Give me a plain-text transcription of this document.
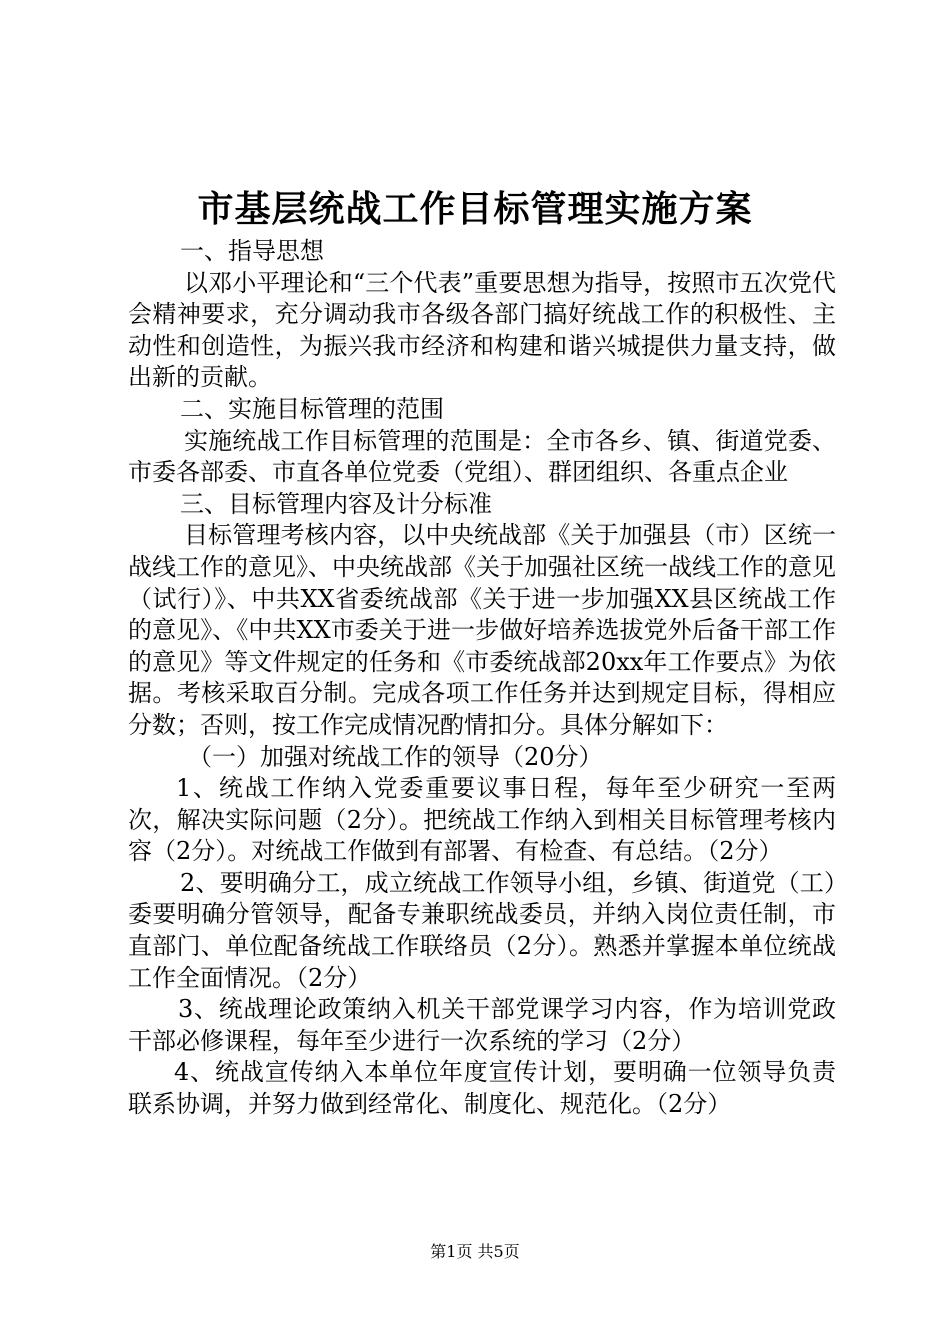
市基层统战工作目标管理实施方案

一、指导思想

以邓小平理论和“三个代表”重要思想为指导，按照市五次党代会精神要求，充分调动我市各级各部门搞好统战工作的积极性、主动性和创造性，为振兴我市经济和构建和谐兴城提供力量支持，做出新的贡献。

二、实施目标管理的范围

实施统战工作目标管理的范围是：全市各乡、镇、街道党委、市委各部委、市直各单位党委（党组）、群团组织、各重点企业

三、目标管理内容及计分标准

目标管理考核内容，以中央统战部《关于加强县（市）区统一战线工作的意见》、中央统战部《关于加强社区统一战线工作的意见（试行）》、中共XX省委统战部《关于进一步加强XX县区统战工作的意见》、《中共XX市委关于进一步做好培养选拔党外后备干部工作的意见》等文件规定的任务和《市委统战部20xx年工作要点》为依据。考核采取百分制。完成各项工作任务并达到规定目标，得相应分数；否则，按工作完成情况酌情扣分。具体分解如下：

（一）加强对统战工作的领导（20分）

1、统战工作纳入党委重要议事日程，每年至少研究一至两次，解决实际问题（2分）。把统战工作纳入到相关目标管理考核内容（2分）。对统战工作做到有部署、有检查、有总结。（2分）

2、要明确分工，成立统战工作领导小组，乡镇、街道党（工）委要明确分管领导，配备专兼职统战委员，并纳入岗位责任制，市直部门、单位配备统战工作联络员（2分）。熟悉并掌握本单位统战工作全面情况。（2分）

3、统战理论政策纳入机关干部党课学习内容，作为培训党政干部必修课程，每年至少进行一次系统的学习（2分）

4、统战宣传纳入本单位年度宣传计划，要明确一位领导负责联系协调，并努力做到经常化、制度化、规范化。（2分）

第1页 共5页
